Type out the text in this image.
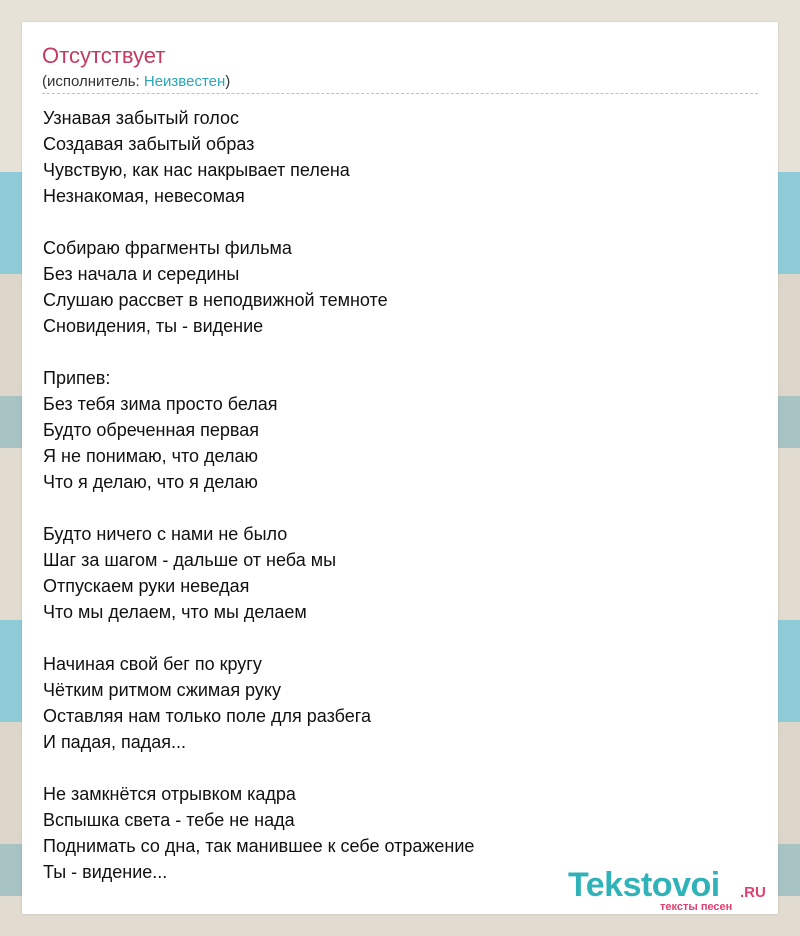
Отсутствует
(исполнитель: Неизвестен)
Узнавая забытый голос
Создавая забытый образ
Чувствую, как нас накрывает пелена
Незнакомая, невесомая
Собираю фрагменты фильма
Без начала и середины
Слушаю рассвет в неподвижной темноте
Сновидения, ты - видение
Припев:
Без тебя зима просто белая
Будто обреченная первая
Я не понимаю, что делаю
Что я делаю, что я делаю
Будто ничего с нами не было
Шаг за шагом - дальше от неба мы
Отпускаем руки неведая
Что мы делаем, что мы делаем
Начиная свой бег по кругу
Чётким ритмом сжимая руку
Оставляя нам только поле для разбега
И падая, падая...
Не замкнётся отрывком кадра
Вспышка света - тебе не нада
Поднимать со дна, так манившее к себе отражение
Ты - видение...	Tekstovoi .RU
тексты песен
